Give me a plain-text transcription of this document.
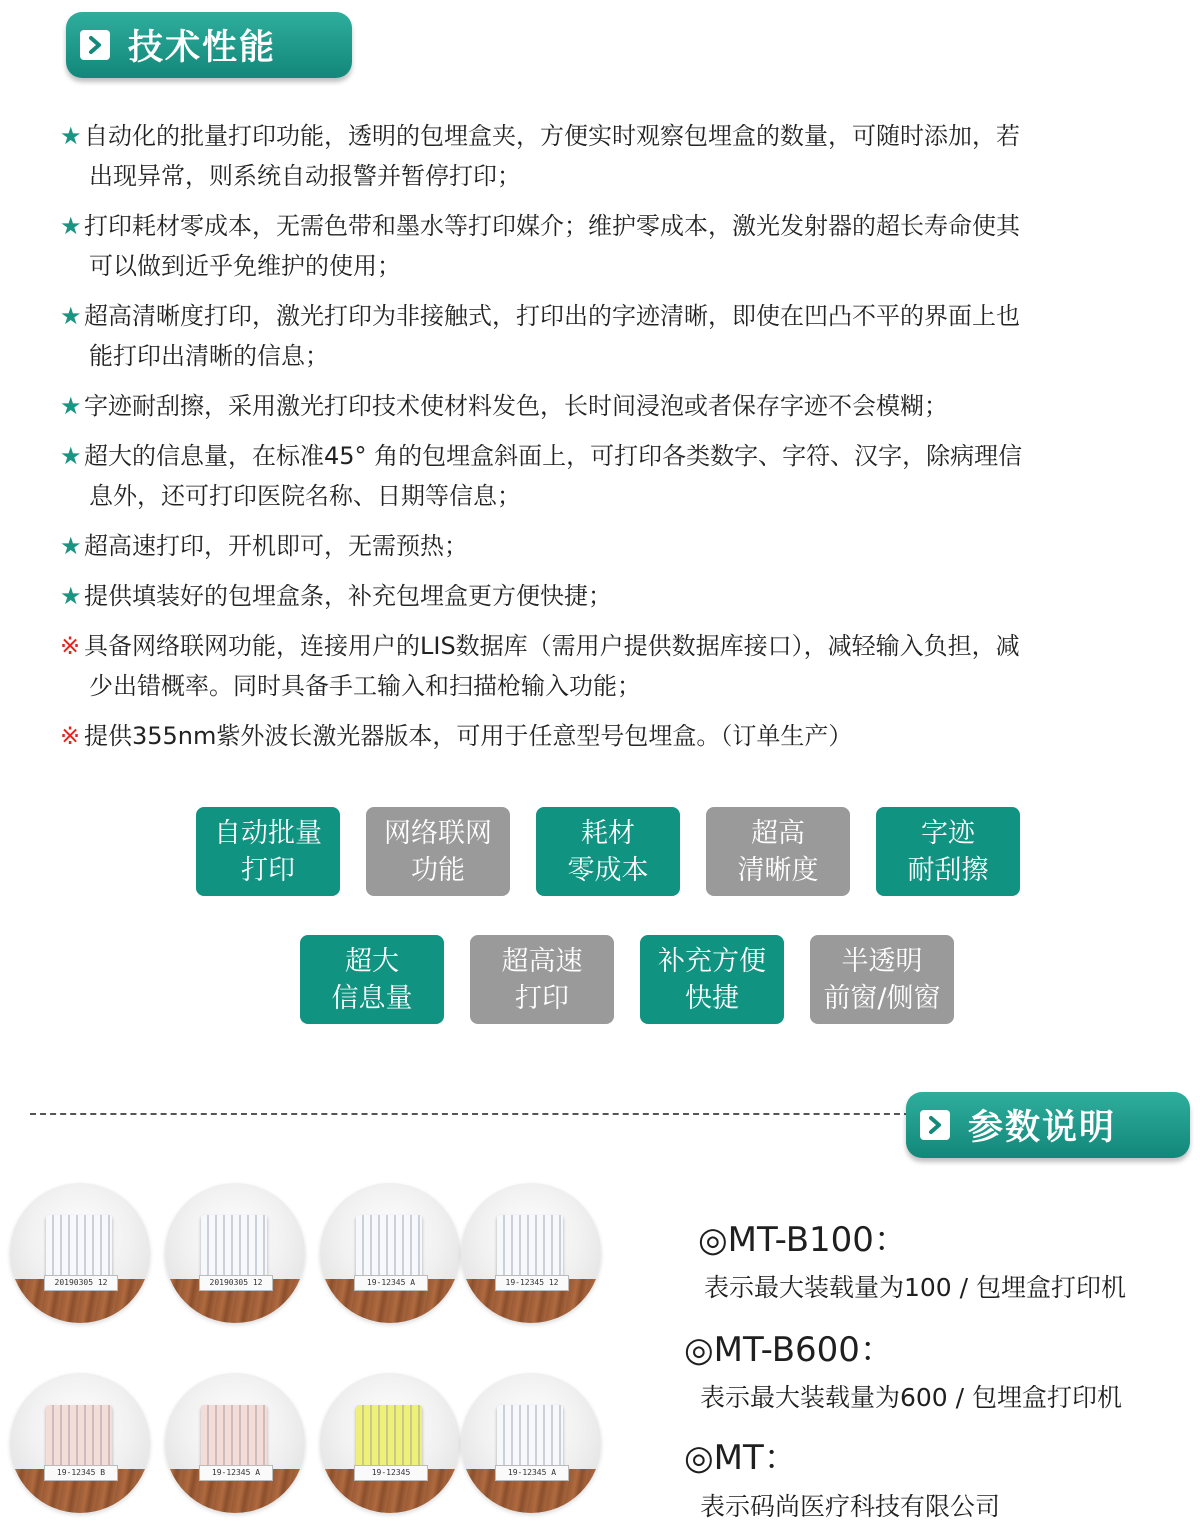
技术性能
★ 自动化的批量打印功能，透明的包埋盒夹，方便实时观察包埋盒的数量，可随时添加，若
出现异常，则系统自动报警并暂停打印；
★ 打印耗材零成本，无需色带和墨水等打印媒介；维护零成本，激光发射器的超长寿命使其
可以做到近乎免维护的使用；
★ 超高清晰度打印，激光打印为非接触式，打印出的字迹清晰，即使在凹凸不平的界面上也
能打印出清晰的信息；
★ 字迹耐刮擦，采用激光打印技术使材料发色，长时间浸泡或者保存字迹不会模糊；
★ 超大的信息量，在标准45° 角的包埋盒斜面上，可打印各类数字、字符、汉字，除病理信
息外，还可打印医院名称、日期等信息；
★ 超高速打印，开机即可，无需预热；
★ 提供填装好的包埋盒条，补充包埋盒更方便快捷；
※ 具备网络联网功能，连接用户的LIS数据库（需用户提供数据库接口），减轻输入负担，减
少出错概率。同时具备手工输入和扫描枪输入功能；
※ 提供355nm紫外波长激光器版本，可用于任意型号包埋盒。（订单生产）
自动批量
打印
网络联网
功能
耗材
零成本
超高
清晰度
字迹
耐刮擦
超大
信息量
超高速
打印
补充方便
快捷
半透明
前窗/侧窗
参数说明
20190305 12	20190305 12	19-12345 A	19-12345 12
19-12345 B	19-12345 A	19-12345	19-12345 A
◎MT-B100：
表示最大装载量为100 / 包埋盒打印机
◎MT-B600：
表示最大装载量为600 / 包埋盒打印机
◎MT：
表示码尚医疗科技有限公司
